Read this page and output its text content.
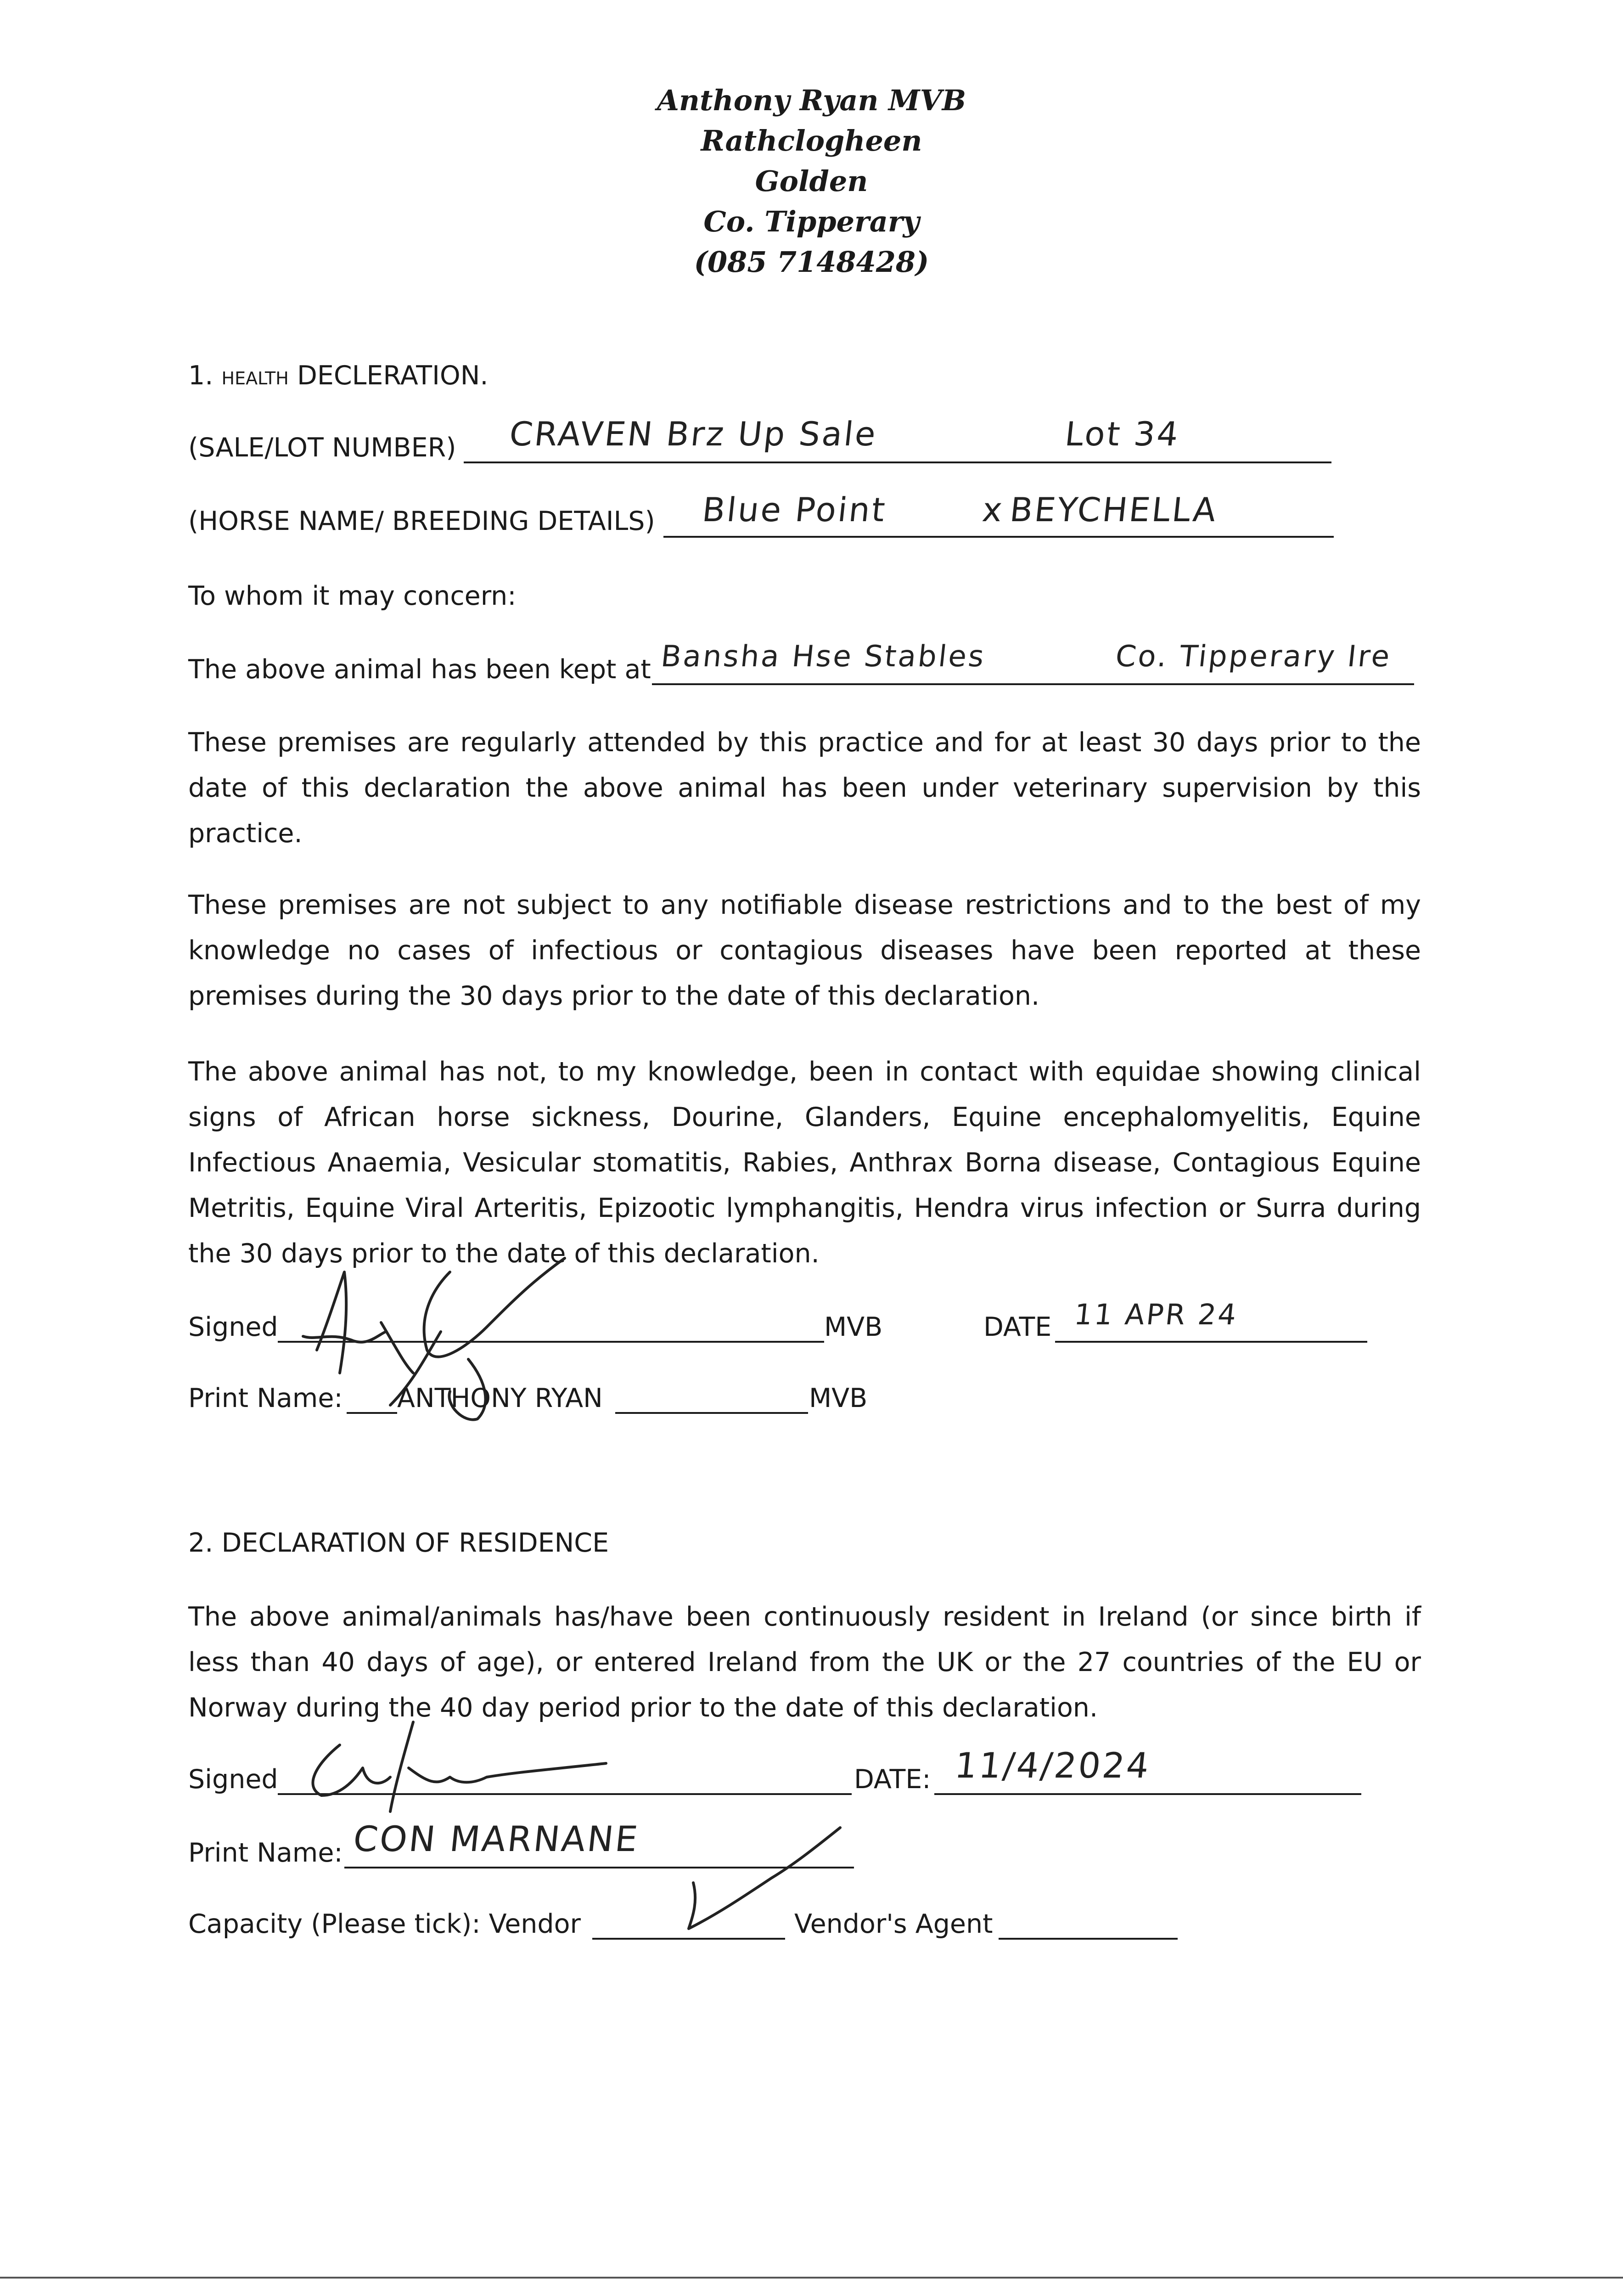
Anthony Ryan MVB
Rathclogheen
Golden
Co. Tipperary
(085 7148428)
1. HEALTH DECLERATION.
(SALE/LOT NUMBER) CRAVEN Brz Up Sale	Lot 34
(HORSE NAME/ BREEDING DETAILS) Blue Point	x BEYCHELLA
To whom it may concern:
The above animal has been kept at Bansha Hse Stables	Co. Tipperary Ire

These premises are regularly attended by this practice and for at least 30 days prior to the date of this declaration the above animal has been under veterinary supervision by this practice.

These premises are not subject to any notifiable disease restrictions and to the best of my knowledge no cases of infectious or contagious diseases have been reported at these premises during the 30 days prior to the date of this declaration.

The above animal has not, to my knowledge, been in contact with equidae showing clinical signs of African horse sickness, Dourine, Glanders, Equine encephalomyelitis, Equine Infectious Anaemia, Vesicular stomatitis, Rabies, Anthrax Borna disease, Contagious Equine Metritis, Equine Viral Arteritis, Epizootic lymphangitis, Hendra virus infection or Surra during the 30 days prior to the date of this declaration.

Signed	MVB	DATE 11 APR 24
Print Name: ANTHONY RYAN	MVB
2. DECLARATION OF RESIDENCE

The above animal/animals has/have been continuously resident in Ireland (or since birth if less than 40 days of age), or entered Ireland from the UK or the 27 countries of the EU or Norway during the 40 day period prior to the date of this declaration.

Signed	DATE: 11/4/2024
Print Name: CON MARNANE
Capacity (Please tick): Vendor	Vendor's Agent
